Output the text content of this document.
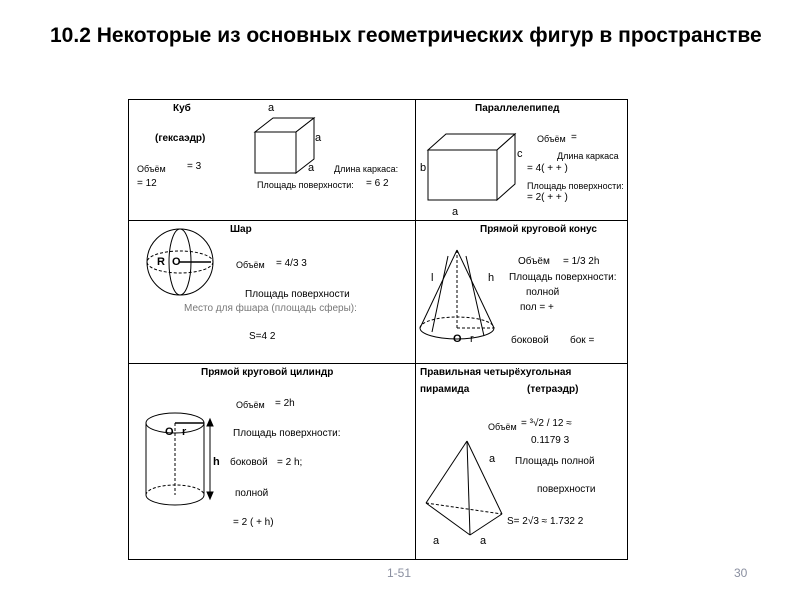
10.2 Некоторые из основных геометрических фигур в пространстве
Куб
(гексаэдр)
a
a
a
Объём = 3	Длина каркаса:
= 12	Площадь поверхности: = 6 2
Параллелепипед
b
c
a
Объём =
Длина каркаса
= 4( + + )
Площадь поверхности:
= 2( + + )
Шар
R O	Объём = 4/3 3
Площадь поверхности
Место для фшара (площадь сферы):
S=4 2
Прямой круговой конус
l	h
O r
Объём = 1/3 2h
Площадь поверхности:
полной
пол = +
боковой бок =
Прямой круговой цилиндр
O r
h
Объём = 2h
Площадь поверхности:
боковой = 2 h;
полной
= 2 ( + h)
Правильная четырёхугольная
пирамида	(тетраэдр)
Объём = ³√2 / 12 ≈
0.1179 3
a Площадь полной
поверхности
S= 2√3 ≈ 1.732 2
a	a
1-51	30
